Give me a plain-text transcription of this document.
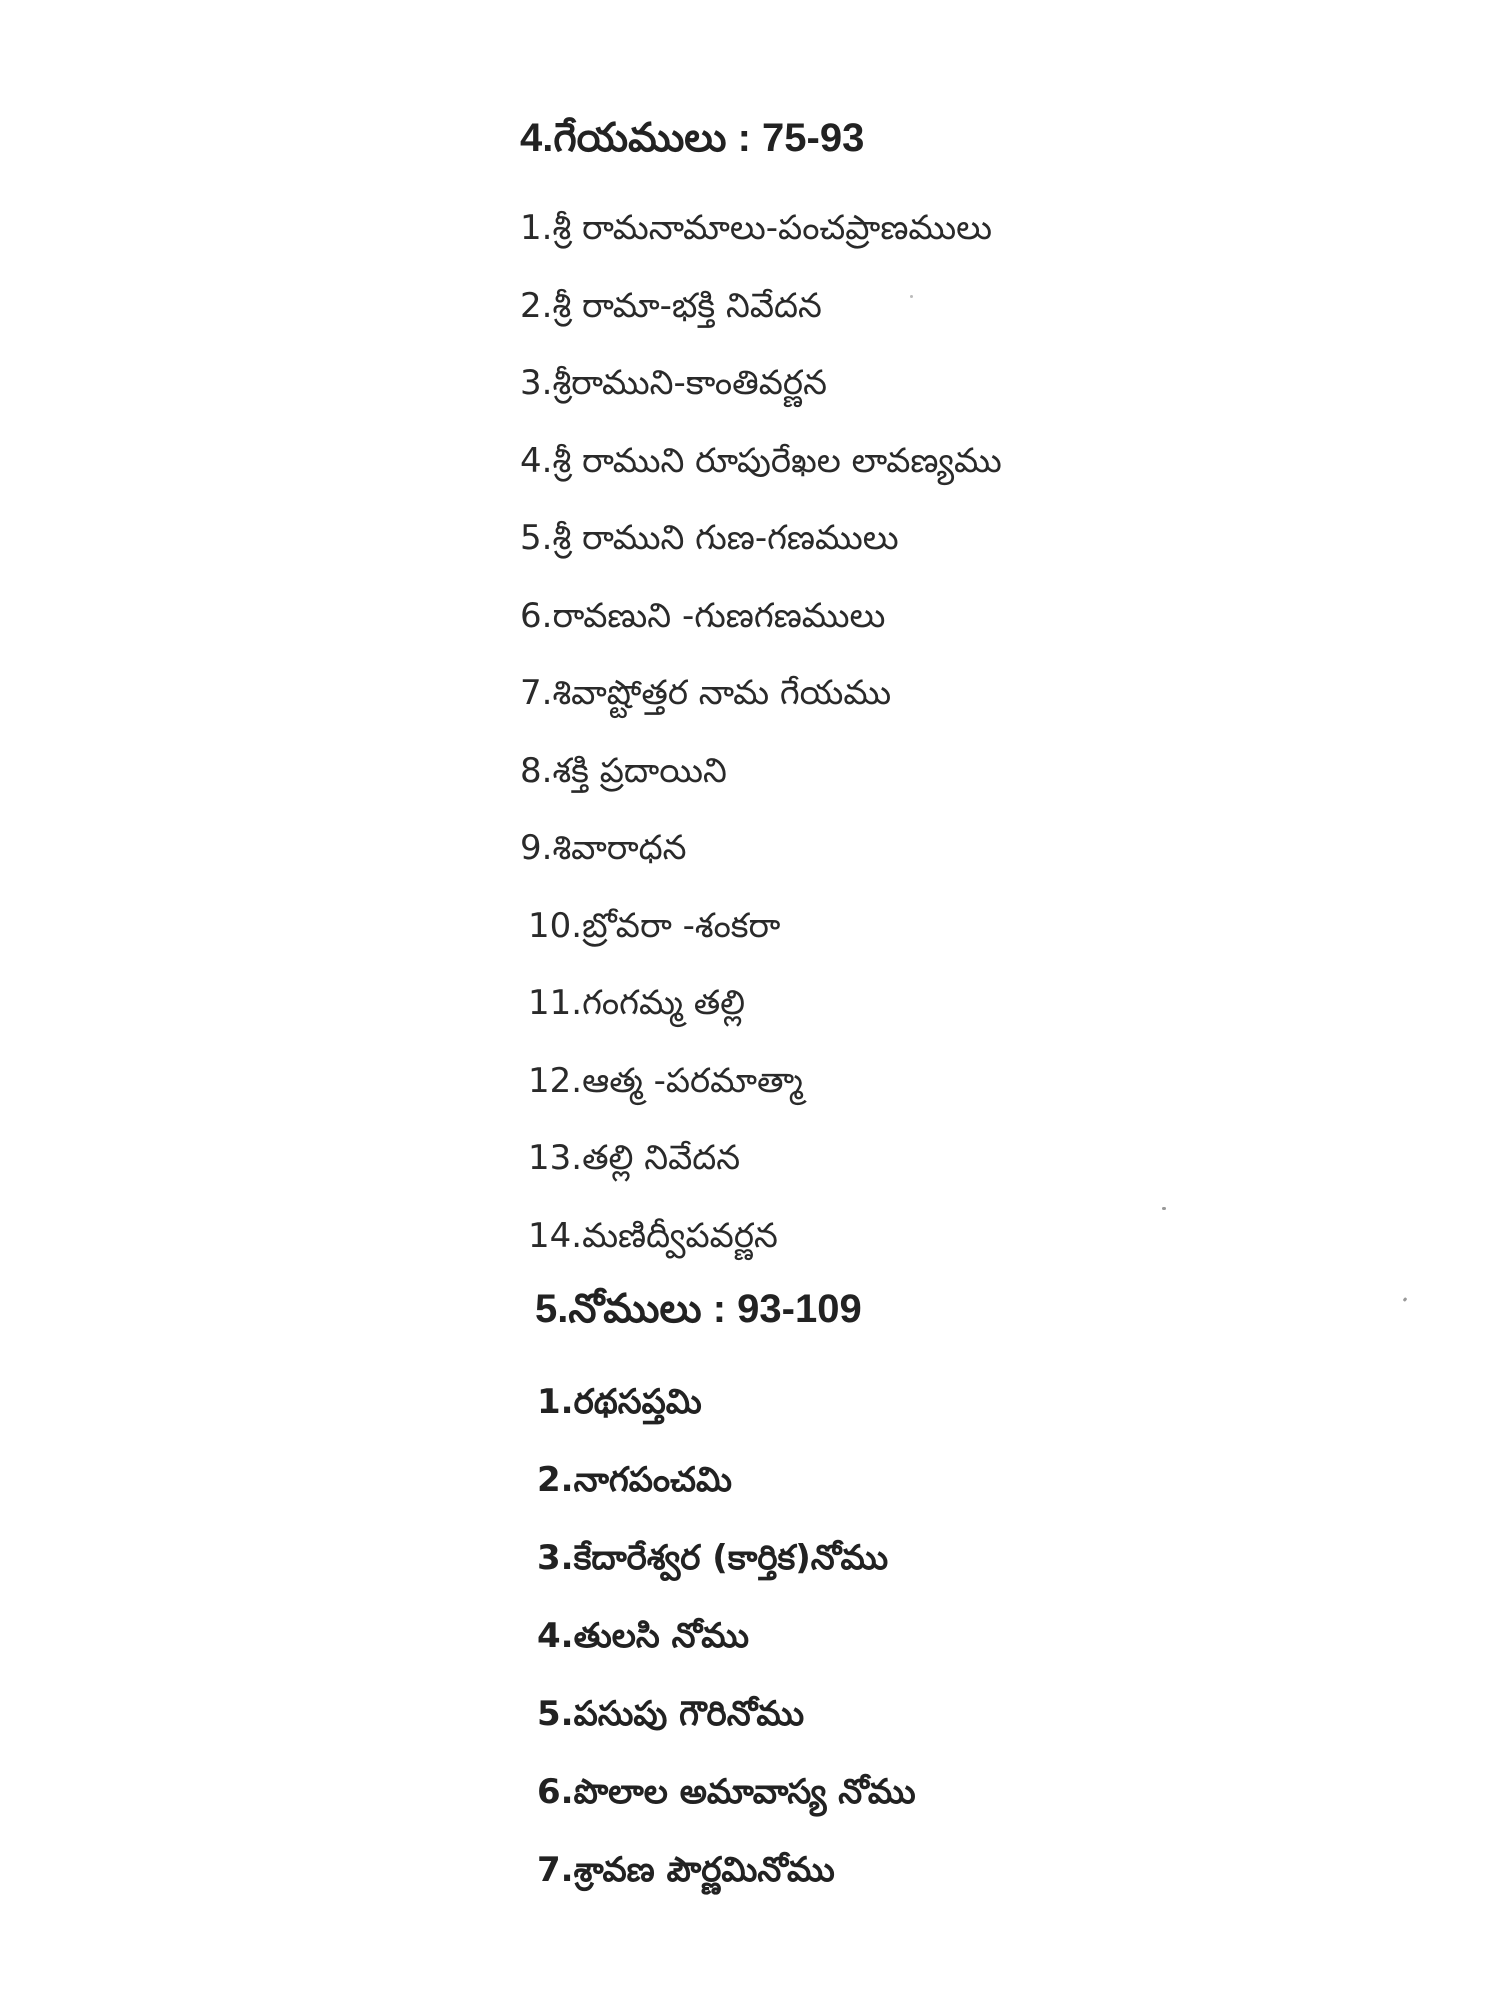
4.గేయములు : 75-93
1.శ్రీ రామనామాలు-పంచప్రాణములు
2.శ్రీ రామా-భక్తి నివేదన
3.శ్రీరాముని-కాంతివర్ణన
4.శ్రీ రాముని రూపురేఖల లావణ్యము
5.శ్రీ రాముని గుణ-గణములు
6.రావణుని -గుణగణములు
7.శివాష్టోత్తర నామ గేయము
8.శక్తి ప్రదాయిని
9.శివారాధన
10.బ్రోవరా -శంకరా
11.గంగమ్మ తల్లి
12.ఆత్మ -పరమాత్మా
13.తల్లి నివేదన
14.మణిద్వీపవర్ణన
5.నోములు : 93-109
1.రథసప్తమి
2.నాగపంచమి
3.కేదారేశ్వర (కార్తిక)నోము
4.తులసి నోము
5.పసుపు గౌరినోము
6.పొలాల అమావాస్య నోము
7.శ్రావణ పౌర్ణమినోము
